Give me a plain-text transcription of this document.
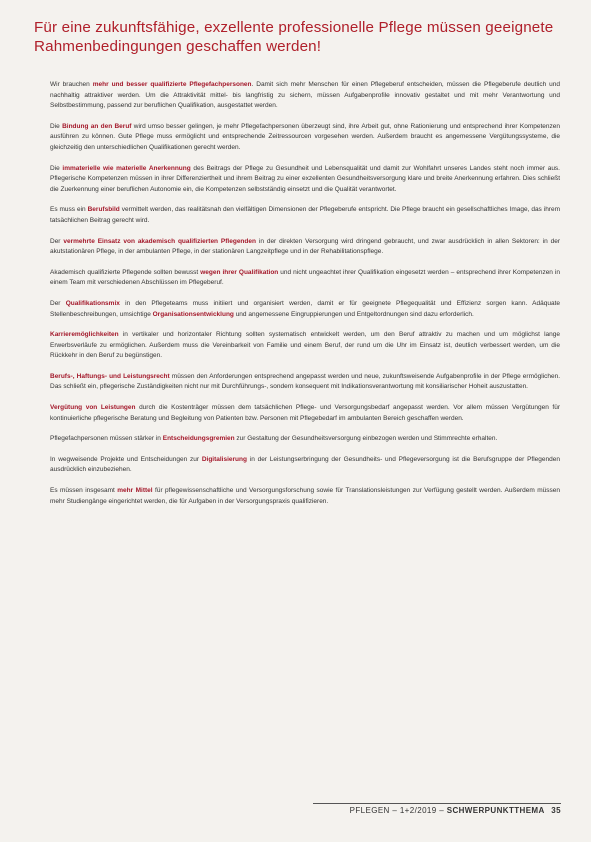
Für eine zukunftsfähige, exzellente professionelle Pflege müssen geeignete Rahmenbedingungen geschaffen werden!

Wir brauchen mehr und besser qualifizierte Pflegefachpersonen. Damit sich mehr Menschen für einen Pflegeberuf entscheiden, müssen die Pflegeberufe deutlich und nachhaltig attraktiver werden. Um die Attraktivität mittel- bis langfristig zu sichern, müssen Aufgabenprofile innovativ gestaltet und mit mehr Verantwortung und Selbstbestimmung, passend zur beruflichen Qualifikation, ausgestattet werden.

Die Bindung an den Beruf wird umso besser gelingen, je mehr Pflegefachpersonen überzeugt sind, ihre Arbeit gut, ohne Rationierung und entsprechend ihrer Kompetenzen ausführen zu können. Gute Pflege muss ermöglicht und entsprechende Zeitressourcen vorgesehen werden. Außerdem braucht es angemessene Vergütungssysteme, die gleichzeitig den unterschiedlichen Qualifikationen gerecht werden.

Die immaterielle wie materielle Anerkennung des Beitrags der Pflege zu Gesundheit und Lebensqualität und damit zur Wohlfahrt unseres Landes steht noch immer aus. Pflegerische Kompetenzen müssen in ihrer Differenziertheit und ihrem Beitrag zu einer exzellenten Gesundheitsversorgung klare und breite Anerkennung erfahren. Dies schließt die Zuerkennung einer beruflichen Autonomie ein, die Kompetenzen selbstständig einsetzt und die Qualität verantwortet.

Es muss ein Berufsbild vermittelt werden, das realitätsnah den vielfältigen Dimensionen der Pflegeberufe entspricht. Die Pflege braucht ein gesellschaftliches Image, das ihrem tatsächlichen Beitrag gerecht wird.

Der vermehrte Einsatz von akademisch qualifizierten Pflegenden in der direkten Versorgung wird dringend gebraucht, und zwar ausdrücklich in allen Sektoren: in der akutstationären Pflege, in der ambulanten Pflege, in der stationären Langzeitpflege und in der Rehabilitationspflege.

Akademisch qualifizierte Pflegende sollten bewusst wegen ihrer Qualifikation und nicht ungeachtet ihrer Qualifikation eingesetzt werden – entsprechend ihrer Kompetenzen in einem Team mit verschiedenen Abschlüssen im Pflegeberuf.

Der Qualifikationsmix in den Pflegeteams muss initiiert und organisiert werden, damit er für geeignete Pflegequalität und Effizienz sorgen kann. Adäquate Stellenbeschreibungen, umsichtige Organisationsentwicklung und angemessene Eingruppierungen und Entgeltordnungen sind dazu erforderlich.

Karrieremöglichkeiten in vertikaler und horizontaler Richtung sollten systematisch entwickelt werden, um den Beruf attraktiv zu machen und um möglichst lange Erwerbsverläufe zu ermöglichen. Außerdem muss die Vereinbarkeit von Familie und einem Beruf, der rund um die Uhr im Einsatz ist, deutlich verbessert werden, um die Rückkehr in den Beruf zu begünstigen.

Berufs-, Haftungs- und Leistungsrecht müssen den Anforderungen entsprechend angepasst werden und neue, zukunftsweisende Aufgabenprofile in der Pflege ermöglichen. Das schließt ein, pflegerische Zuständigkeiten nicht nur mit Durchführungs-, sondern konsequent mit Indikationsverantwortung mit konsiliarischer Hoheit auszustatten.

Vergütung von Leistungen durch die Kostenträger müssen dem tatsächlichen Pflege- und Versorgungsbedarf angepasst werden. Vor allem müssen Vergütungen für kontinuierliche pflegerische Beratung und Begleitung von Patienten bzw. Personen mit Pflegebedarf im ambulanten Bereich geschaffen werden.

Pflegefachpersonen müssen stärker in Entscheidungsgremien zur Gestaltung der Gesundheitsversorgung einbezogen werden und Stimmrechte erhalten.

In wegweisende Projekte und Entscheidungen zur Digitalisierung in der Leistungserbringung der Gesundheits- und Pflegeversorgung ist die Berufsgruppe der Pflegenden ausdrücklich einzubeziehen.

Es müssen insgesamt mehr Mittel für pflegewissenschaftliche und Versorgungsforschung sowie für Translationsleistungen zur Verfügung gestellt werden. Außerdem müssen mehr Studiengänge eingerichtet werden, die für Aufgaben in der Versorgungspraxis qualifizieren.

PFLEGEN – 1+2/2019 – SCHWERPUNKTTHEMA 35
